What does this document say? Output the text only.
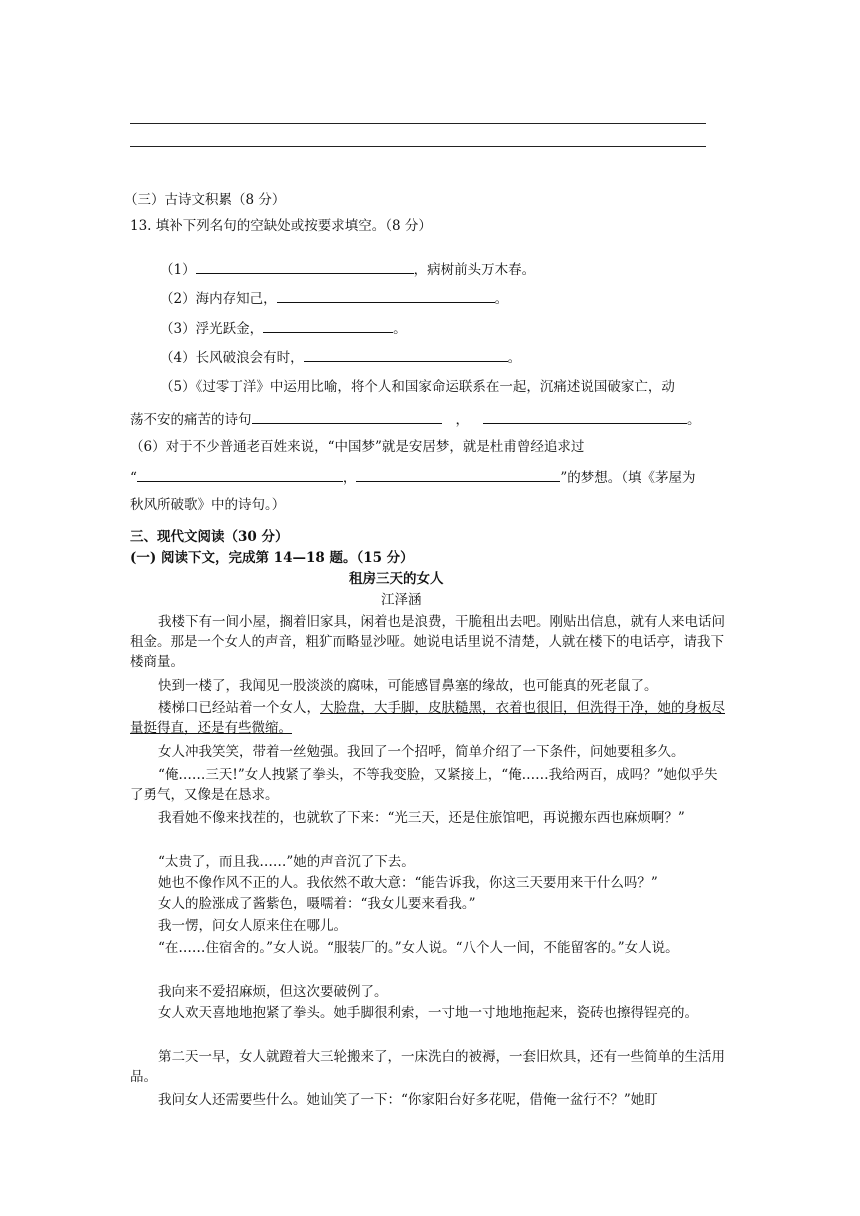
（三）古诗文积累（8 分）
13. 填补下列名句的空缺处或按要求填空。（8 分）
（1）	，病树前头万木春。
（2）海内存知己，	。
（3）浮光跃金，	。
（4）长风破浪会有时，	。
（5）《过零丁洋》中运用比喻，将个人和国家命运联系在一起，沉痛述说国破家亡，动
荡不安的痛苦的诗句	，	。
（6）对于不少普通老百姓来说，“中国梦”就是安居梦，就是杜甫曾经追求过
“	，	”的梦想。（填《茅屋为
秋风所破歌》中的诗句。）
三、现代文阅读（30 分）
(一) 阅读下文，完成第 14—18 题。（15 分）
租房三天的女人
江泽涵
我楼下有一间小屋，搁着旧家具，闲着也是浪费，干脆租出去吧。刚贴出信息，就有人来电话问租金。那是一个女人的声音，粗犷而略显沙哑。她说电话里说不清楚，人就在楼下的电话亭，请我下楼商量。
快到一楼了，我闻见一股淡淡的腐味，可能感冒鼻塞的缘故，也可能真的死老鼠了。
楼梯口已经站着一个女人，大脸盘，大手脚，皮肤糙黑，衣着也很旧，但洗得干净，她的身板尽量挺得直，还是有些微缩。
女人冲我笑笑，带着一丝勉强。我回了一个招呼，简单介绍了一下条件，问她要租多久。
“俺……三天!”女人拽紧了拳头，不等我变脸，又紧接上，“俺……我给两百，成吗？”她似乎失了勇气，又像是在恳求。
我看她不像来找茬的，也就软了下来：“光三天，还是住旅馆吧，再说搬东西也麻烦啊？”
“太贵了，而且我……”她的声音沉了下去。
她也不像作风不正的人。我依然不敢大意：“能告诉我，你这三天要用来干什么吗？”
女人的脸涨成了酱紫色，嗫嚅着：“我女儿要来看我。”
我一愣，问女人原来住在哪儿。
“在……住宿舍的。”女人说。“服装厂的。”女人说。“八个人一间，不能留客的。”女人说。
我向来不爱招麻烦，但这次要破例了。
女人欢天喜地地抱紧了拳头。她手脚很利索，一寸地一寸地地拖起来，瓷砖也擦得锃亮的。
第二天一早，女人就蹬着大三轮搬来了，一床洗白的被褥，一套旧炊具，还有一些简单的生活用品。
我问女人还需要些什么。她讪笑了一下：“你家阳台好多花呢，借俺一盆行不？”她盯
